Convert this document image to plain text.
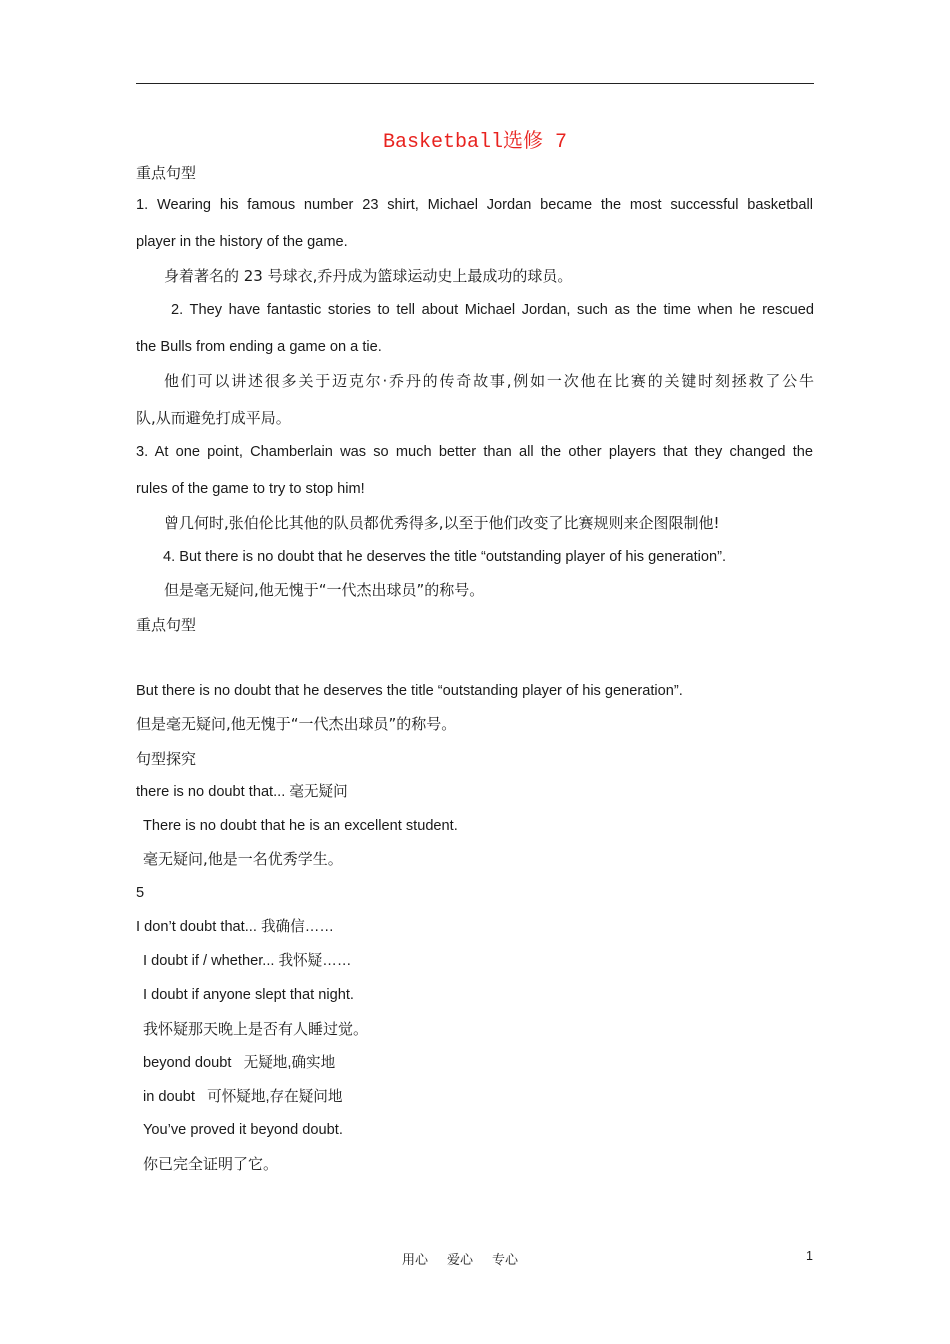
Basketball选修 7
重点句型
1. Wearing his famous number 23 shirt, Michael Jordan became the most successful basketball
player in the history of the game.
身着著名的 23 号球衣,乔丹成为篮球运动史上最成功的球员。
2. They have fantastic stories to tell about Michael Jordan, such as the time when he rescued
the Bulls from ending a game on a tie.
他们可以讲述很多关于迈克尔·乔丹的传奇故事,例如一次他在比赛的关键时刻拯救了公牛
队,从而避免打成平局。
3. At one point, Chamberlain was so much better than all the other players that they changed the
rules of the game to try to stop him!
曾几何时,张伯伦比其他的队员都优秀得多,以至于他们改变了比赛规则来企图限制他!
4. But there is no doubt that he deserves the title “outstanding player of his generation”.
但是毫无疑问,他无愧于“一代杰出球员”的称号。
重点句型
But there is no doubt that he deserves the title “outstanding player of his generation”.
但是毫无疑问,他无愧于“一代杰出球员”的称号。
句型探究
there is no doubt that... 毫无疑问
There is no doubt that he is an excellent student.
毫无疑问,他是一名优秀学生。
5
I don’t doubt that... 我确信……
I doubt if / whether... 我怀疑……
I doubt if anyone slept that night.
我怀疑那天晚上是否有人睡过觉。
beyond doubt   无疑地,确实地
in doubt   可怀疑地,存在疑问地
You’ve proved it beyond doubt.
你已完全证明了它。
用心 爱心 专心	1
